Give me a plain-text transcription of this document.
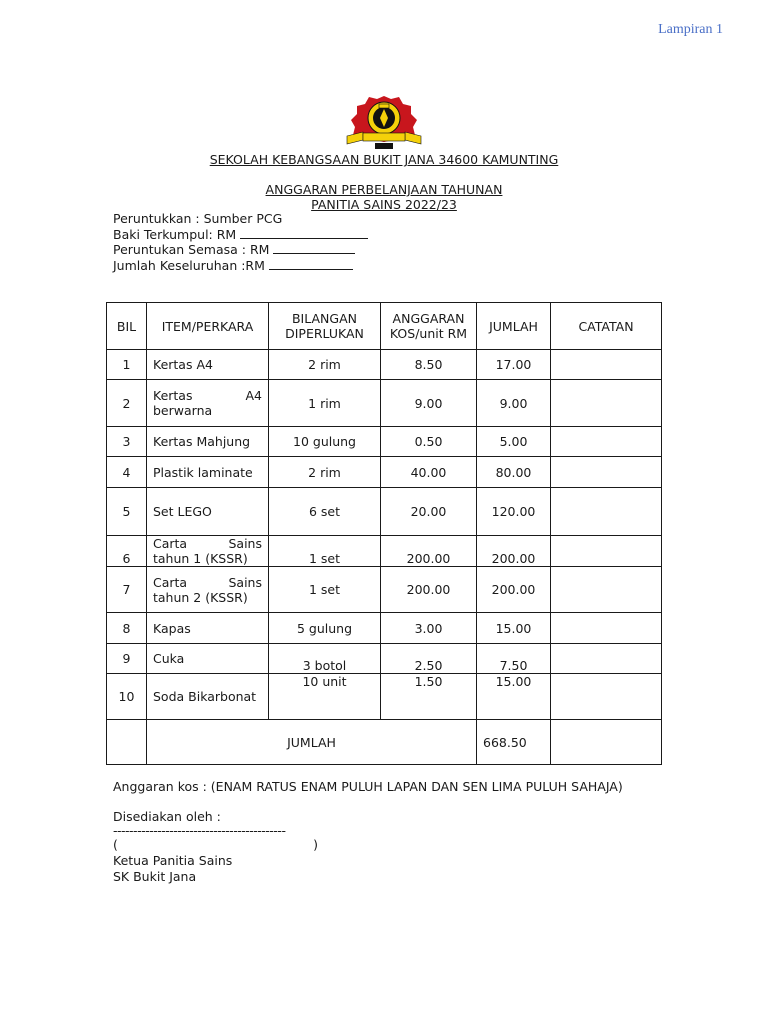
Lampiran 1
SEKOLAH KEBANGSAAN BUKIT JANA 34600 KAMUNTING
ANGGARAN PERBELANJAAN TAHUNAN
PANITIA SAINS 2022/23
Peruntukkan : Sumber PCG
Baki Terkumpul: RM
Peruntukan Semasa : RM
Jumlah Keseluruhan :RM
BIL	ITEM/PERKARA	BILANGAN DIPERLUKAN	ANGGARAN KOS/unit RM	JUMLAH	CATATAN
1	Kertas A4	2 rim	8.50	17.00	
2	Kertas A4 berwarna	1 rim	9.00	9.00	
3	Kertas Mahjung	10 gulung	0.50	5.00	
4	Plastik laminate	2 rim	40.00	80.00	
5	Set LEGO	6 set	20.00	120.00	
6	Carta Sains tahun 1 (KSSR)	1 set	200.00	200.00	
7	Carta Sains tahun 2 (KSSR)	1 set	200.00	200.00	
8	Kapas	5 gulung	3.00	15.00	
9	Cuka	3 botol	2.50	7.50	
10	Soda Bikarbonat	10 unit	1.50	15.00	
	JUMLAH			668.50	
Anggaran kos : (ENAM RATUS ENAM PULUH LAPAN DAN SEN LIMA PULUH SAHAJA)
Disediakan oleh :
-------------------------------------------
(	)
Ketua Panitia Sains
SK Bukit Jana
